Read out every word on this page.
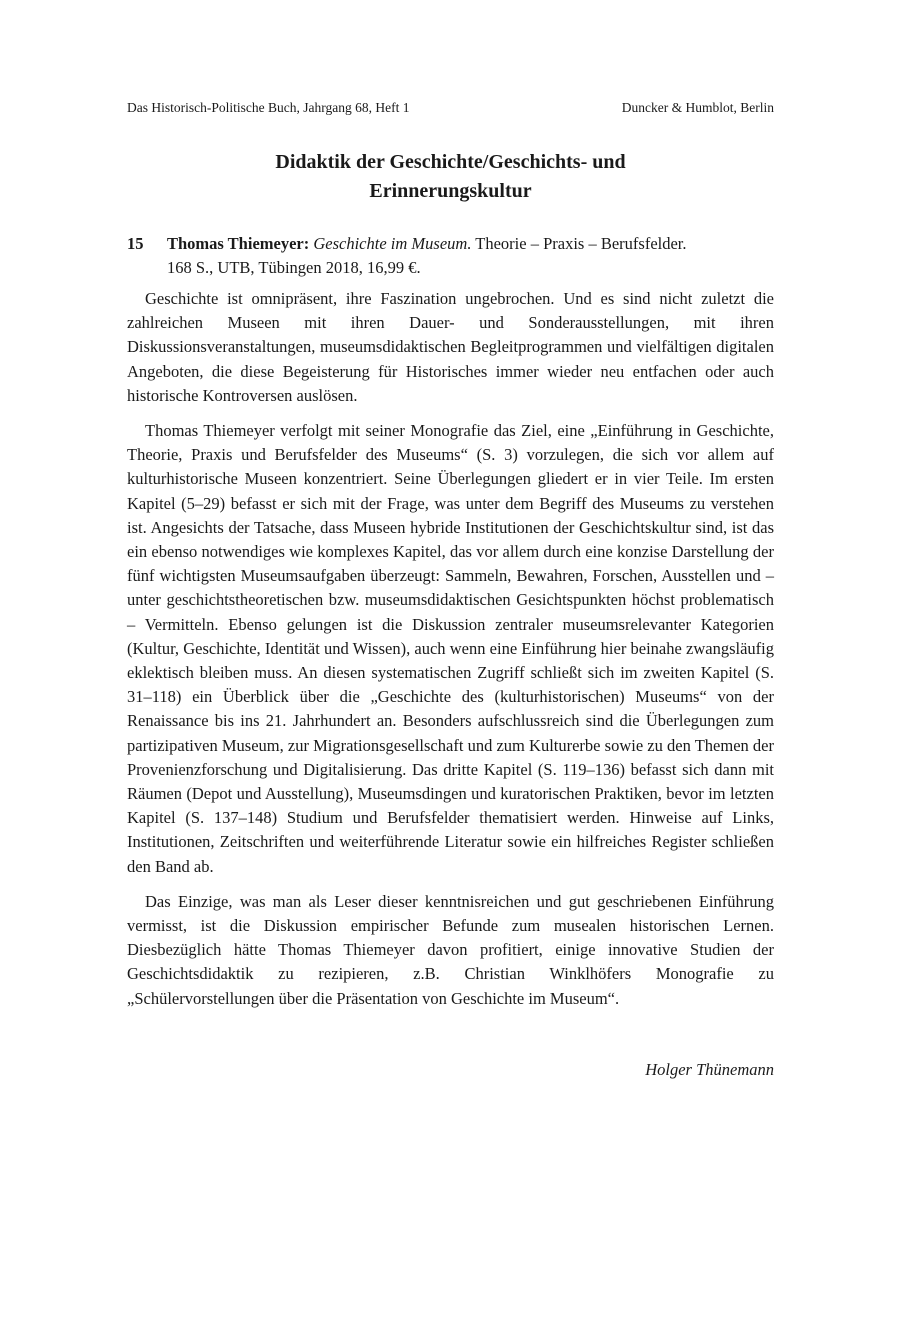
Das Historisch-Politische Buch, Jahrgang 68, Heft 1	Duncker & Humblot, Berlin
Didaktik der Geschichte/Geschichts- und
Erinnerungskultur
15 Thomas Thiemeyer: Geschichte im Museum. Theorie – Praxis – Berufsfelder.
168 S., UTB, Tübingen 2018, 16,99 €.

Geschichte ist omnipräsent, ihre Faszination ungebrochen. Und es sind nicht zuletzt die zahlreichen Museen mit ihren Dauer- und Sonderausstellungen, mit ihren Diskussionsveranstaltungen, museumsdidaktischen Begleitprogrammen und vielfältigen digitalen Angeboten, die diese Begeisterung für Historisches immer wieder neu entfachen oder auch historische Kontroversen auslösen.

Thomas Thiemeyer verfolgt mit seiner Monografie das Ziel, eine „Einführung in Geschichte, Theorie, Praxis und Berufsfelder des Museums“ (S. 3) vorzulegen, die sich vor allem auf kulturhistorische Museen konzentriert. Seine Überlegungen gliedert er in vier Teile. Im ersten Kapitel (5–29) befasst er sich mit der Frage, was unter dem Begriff des Museums zu verstehen ist. Angesichts der Tatsache, dass Museen hybride Institutionen der Geschichtskultur sind, ist das ein ebenso notwendiges wie komplexes Kapitel, das vor allem durch eine konzise Darstellung der fünf wichtigsten Museumsaufgaben überzeugt: Sammeln, Bewahren, Forschen, Ausstellen und – unter geschichtstheoretischen bzw. museumsdidaktischen Gesichtspunkten höchst problematisch – Vermitteln. Ebenso gelungen ist die Diskussion zentraler museumsrelevanter Kategorien (Kultur, Geschichte, Identität und Wissen), auch wenn eine Einführung hier beinahe zwangsläufig eklektisch bleiben muss. An diesen systematischen Zugriff schließt sich im zweiten Kapitel (S. 31–118) ein Überblick über die „Geschichte des (kulturhistorischen) Museums“ von der Renaissance bis ins 21. Jahrhundert an. Besonders aufschlussreich sind die Überlegungen zum partizipativen Museum, zur Migrationsgesellschaft und zum Kulturerbe sowie zu den Themen der Provenienzforschung und Digitalisierung. Das dritte Kapitel (S. 119–136) befasst sich dann mit Räumen (Depot und Ausstellung), Museumsdingen und kuratorischen Praktiken, bevor im letzten Kapitel (S. 137–148) Studium und Berufsfelder thematisiert werden. Hinweise auf Links, Institutionen, Zeitschriften und weiterführende Literatur sowie ein hilfreiches Register schließen den Band ab.

Das Einzige, was man als Leser dieser kenntnisreichen und gut geschriebenen Einführung vermisst, ist die Diskussion empirischer Befunde zum musealen historischen Lernen. Diesbezüglich hätte Thomas Thiemeyer davon profitiert, einige innovative Studien der Geschichtsdidaktik zu rezipieren, z.B. Christian Winklhöfers Monografie zu „Schülervorstellungen über die Präsentation von Geschichte im Museum“.

Holger Thünemann
